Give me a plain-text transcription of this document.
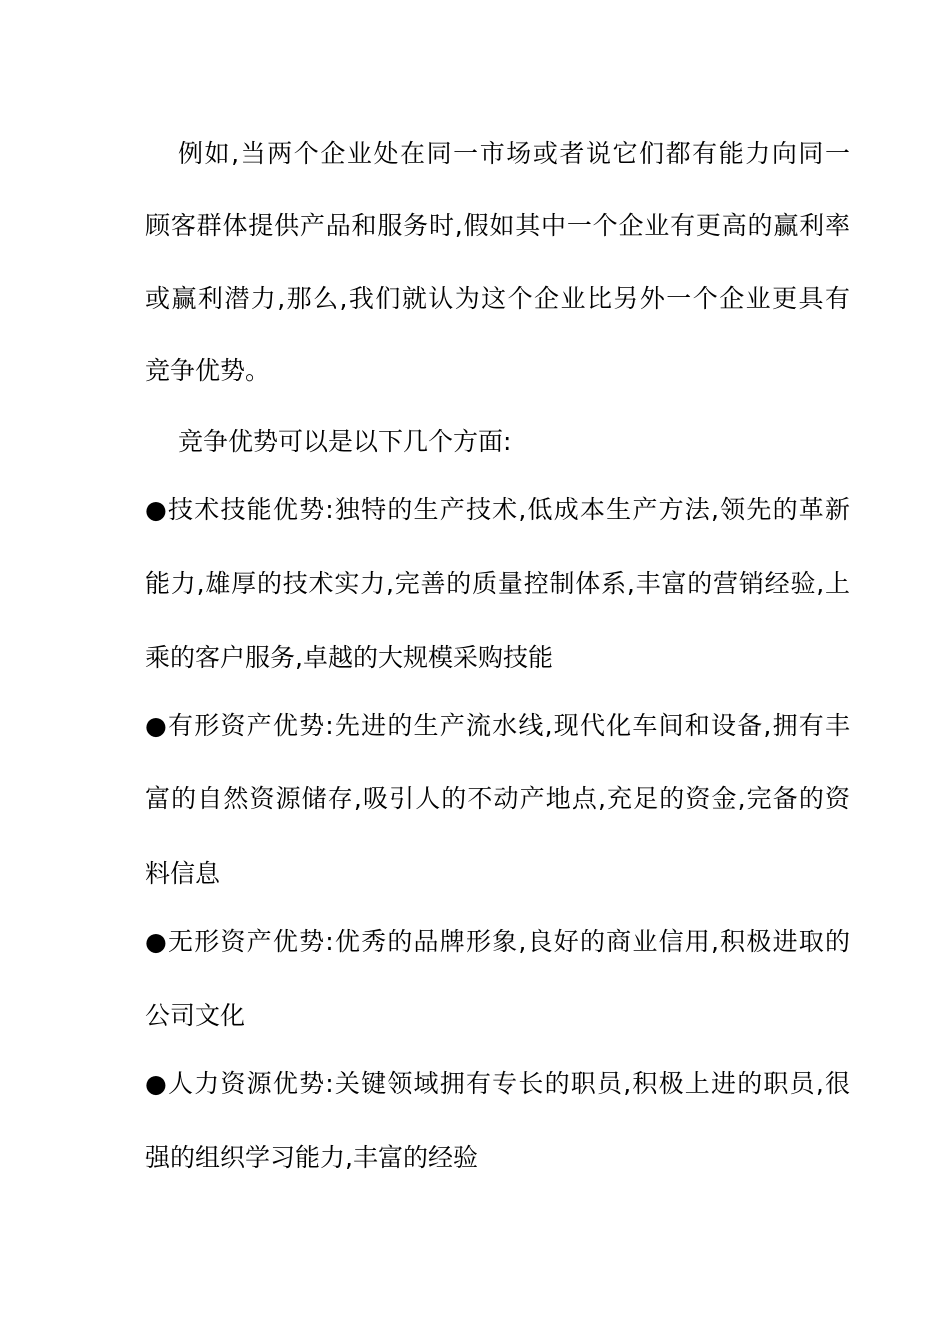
例如,当两个企业处在同一市场或者说它们都有能力向同一
顾客群体提供产品和服务时,假如其中一个企业有更高的赢利率
或赢利潜力,那么,我们就认为这个企业比另外一个企业更具有
竞争优势。
竞争优势可以是以下几个方面:
●技术技能优势:独特的生产技术,低成本生产方法,领先的革新
能力,雄厚的技术实力,完善的质量控制体系,丰富的营销经验,上
乘的客户服务,卓越的大规模采购技能
●有形资产优势:先进的生产流水线,现代化车间和设备,拥有丰
富的自然资源储存,吸引人的不动产地点,充足的资金,完备的资
料信息
●无形资产优势:优秀的品牌形象,良好的商业信用,积极进取的
公司文化
●人力资源优势:关键领域拥有专长的职员,积极上进的职员,很
强的组织学习能力,丰富的经验
